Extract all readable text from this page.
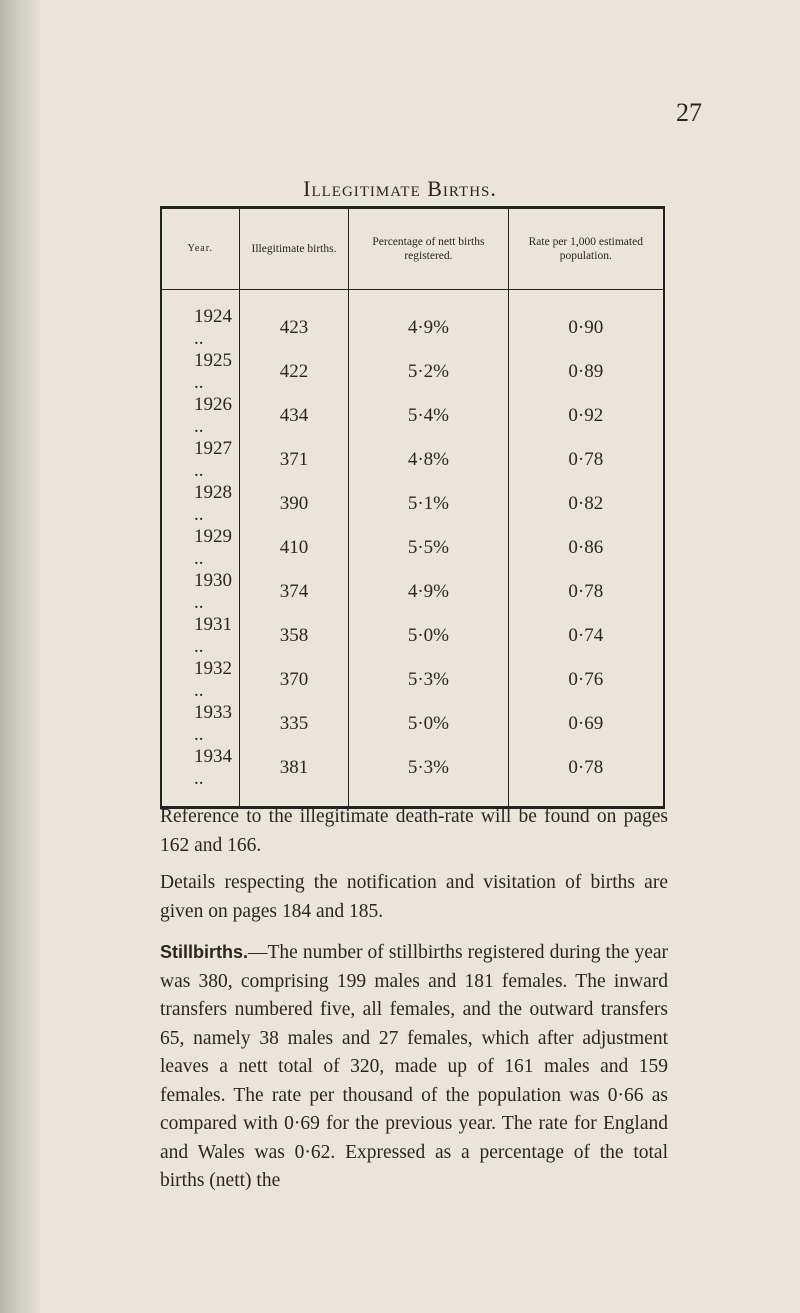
27
Illegitimate Births.
Year.	Illegitimate births.	Percentage of nett births registered.	Rate per 1,000 estimated population.
1924 ..	423	4·9%	0·90
1925 ..	422	5·2%	0·89
1926 ..	434	5·4%	0·92
1927 ..	371	4·8%	0·78
1928 ..	390	5·1%	0·82
1929 ..	410	5·5%	0·86
1930 ..	374	4·9%	0·78
1931 ..	358	5·0%	0·74
1932 ..	370	5·3%	0·76
1933 ..	335	5·0%	0·69
1934 ..	381	5·3%	0·78
Reference to the illegitimate death-rate will be found on pages 162 and 166.
Details respecting the notification and visitation of births are given on pages 184 and 185.
Stillbirths.—The number of stillbirths registered during the year was 380, comprising 199 males and 181 females. The inward transfers numbered five, all females, and the outward transfers 65, namely 38 males and 27 females, which after adjustment leaves a nett total of 320, made up of 161 males and 159 females. The rate per thousand of the population was 0·66 as compared with 0·69 for the previous year. The rate for England and Wales was 0·62. Expressed as a percentage of the total births (nett) the
